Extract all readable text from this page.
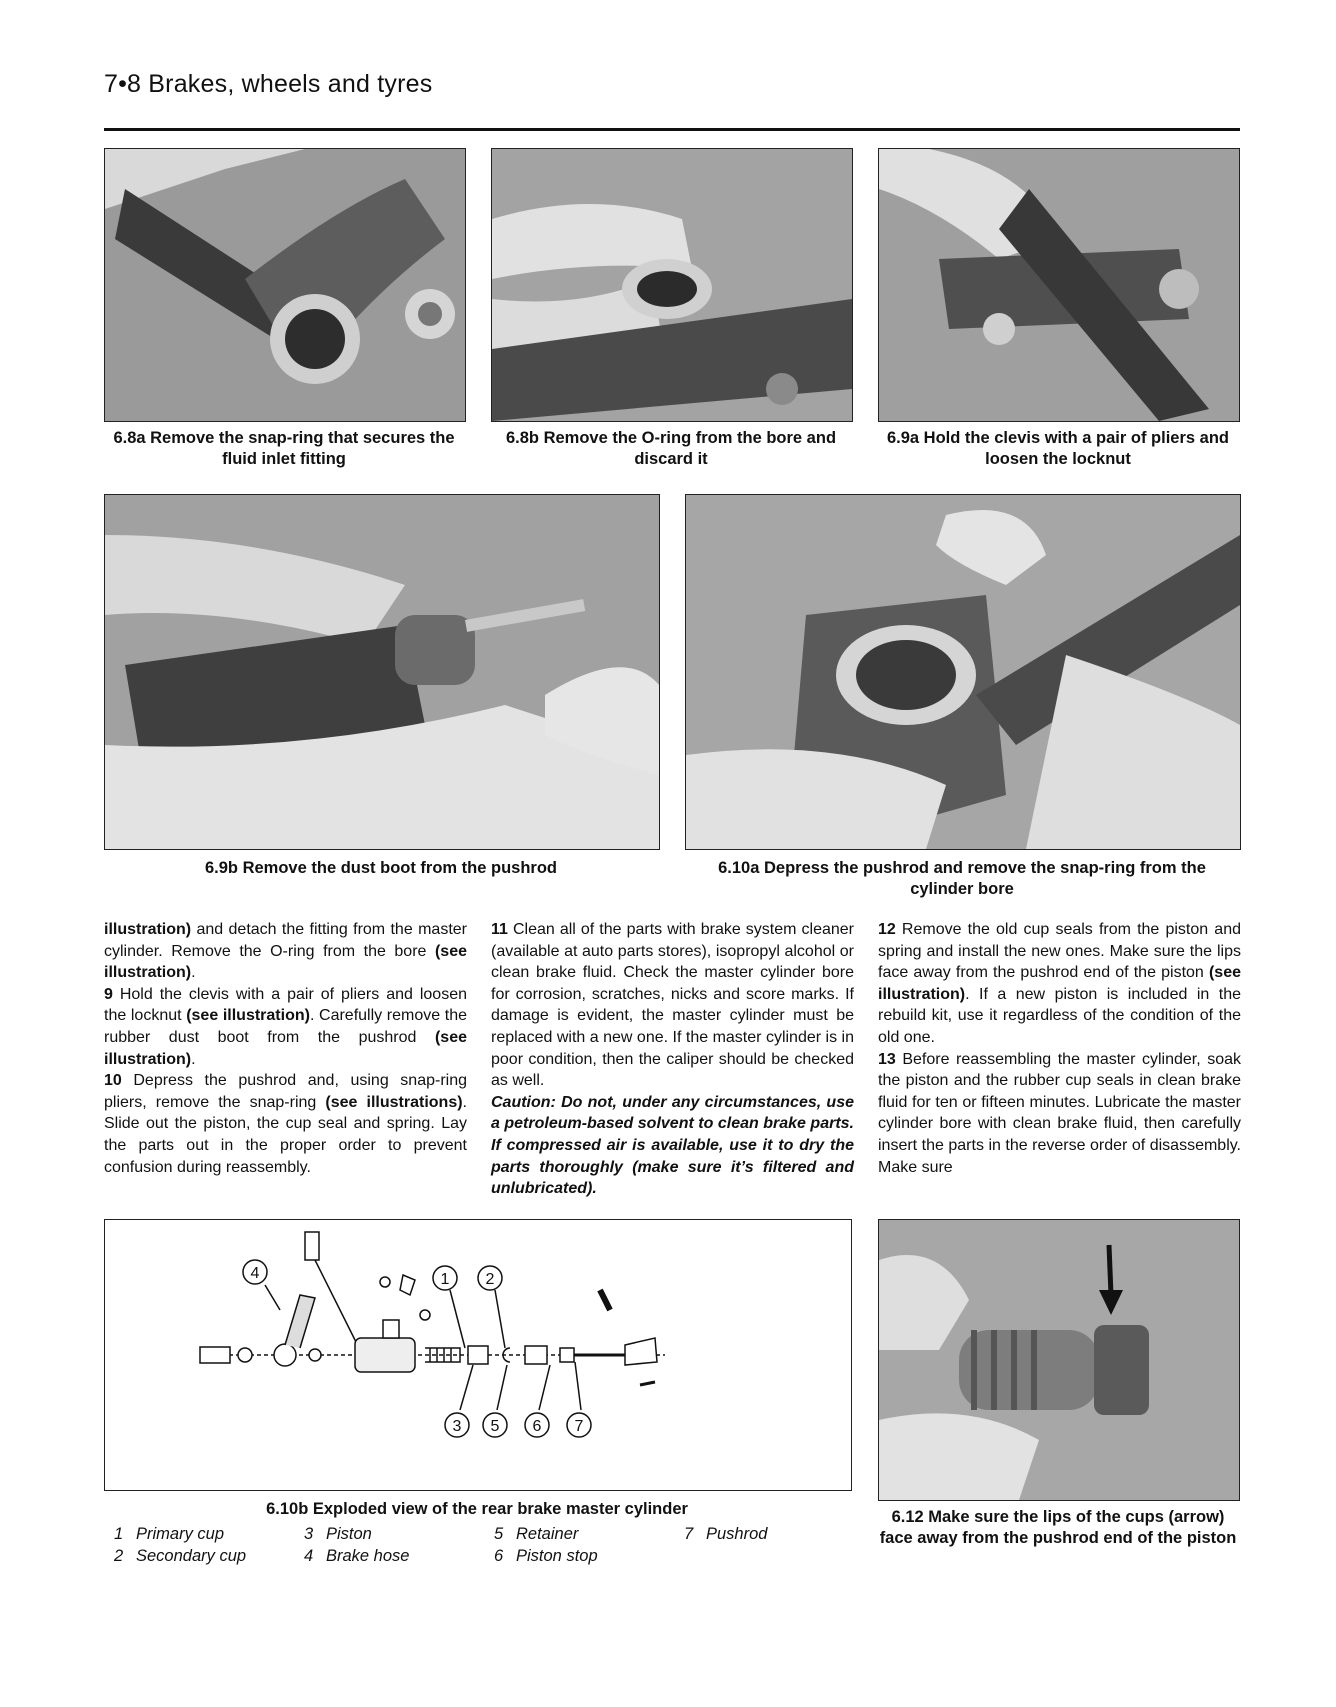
7•8 Brakes, wheels and tyres
6.8a Remove the snap-ring that secures the fluid inlet fitting
6.8b Remove the O-ring from the bore and discard it
6.9a Hold the clevis with a pair of pliers and loosen the locknut
6.9b Remove the dust boot from the pushrod	6.10a Depress the pushrod and remove the snap-ring from the cylinder bore

illustration) and detach the fitting from the master cylinder. Remove the O-ring from the bore (see illustration).

9 Hold the clevis with a pair of pliers and loosen the locknut (see illustration). Carefully remove the rubber dust boot from the pushrod (see illustration).

10 Depress the pushrod and, using snap-ring pliers, remove the snap-ring (see illustrations). Slide out the piston, the cup seal and spring. Lay the parts out in the proper order to prevent confusion during reassembly.

11 Clean all of the parts with brake system cleaner (available at auto parts stores), isopropyl alcohol or clean brake fluid. Check the master cylinder bore for corrosion, scratches, nicks and score marks. If damage is evident, the master cylinder must be replaced with a new one. If the master cylinder is in poor condition, then the caliper should be checked as well.

Caution: Do not, under any circumstances, use a petroleum-based solvent to clean brake parts. If compressed air is available, use it to dry the parts thoroughly (make sure it’s filtered and unlubricated).

12 Remove the old cup seals from the piston and spring and install the new ones. Make sure the lips face away from the pushrod end of the piston (see illustration). If a new piston is included in the rebuild kit, use it regardless of the condition of the old one.

13 Before reassembling the master cylinder, soak the piston and the rubber cup seals in clean brake fluid for ten or fifteen minutes. Lubricate the master cylinder bore with clean brake fluid, then carefully insert the parts in the reverse order of disassembly. Make sure

4	1 2
3 5 6 7
6.10b Exploded view of the rear brake master cylinder
1 Primary cup
2 Secondary cup
3 Piston
4 Brake hose
5 Retainer
6 Piston stop
7 Pushrod
6.12 Make sure the lips of the cups (arrow) face away from the pushrod end of the piston
